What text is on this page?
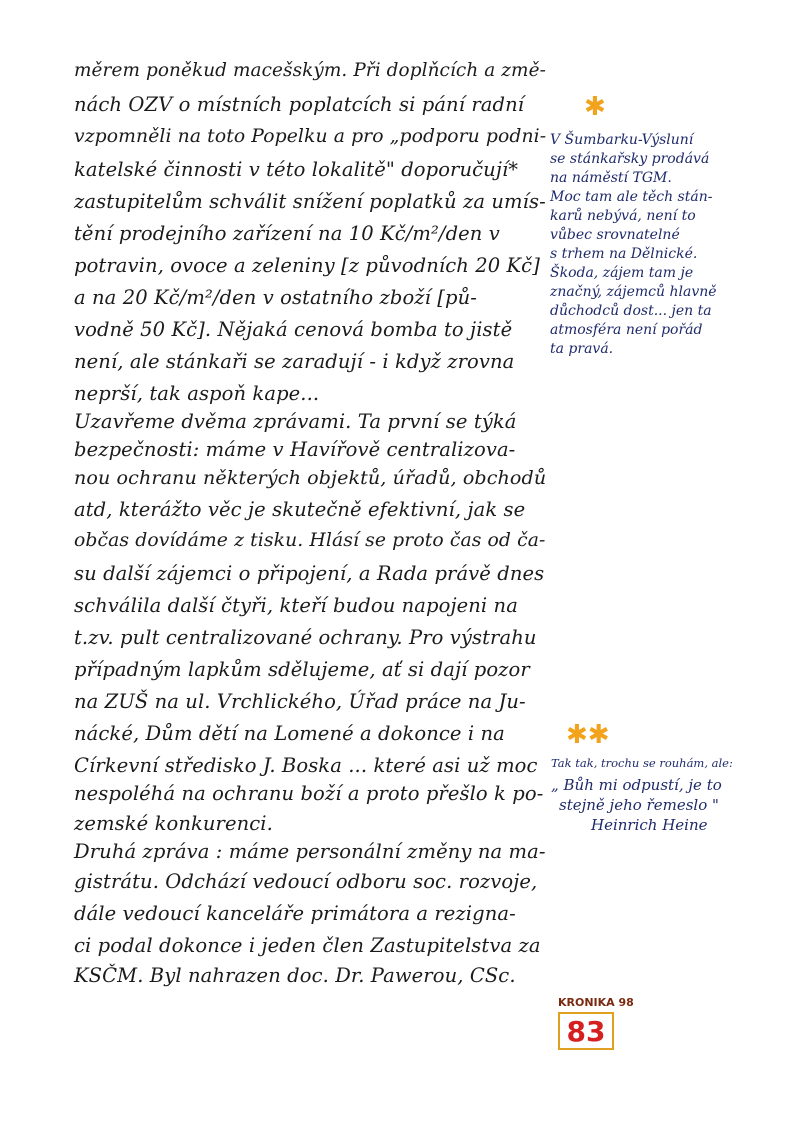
měrem poněkud macešským. Při doplňcích a změ-
nách OZV o místních poplatcích si pání radní
vzpomněli na toto Popelku a pro „podporu podni-
katelské činnosti v této lokalitě" doporučují*
zastupitelům schválit snížení poplatků za umís-
tění prodejního zařízení na 10 Kč/m²/den v
potravin, ovoce a zeleniny [z původních 20 Kč]
a na 20 Kč/m²/den v ostatního zboží [pů-
vodně 50 Kč]. Nějaká cenová bomba to jistě
není, ale stánkaři se zaradují - i když zrovna
neprší, tak aspoň kape...
Uzavřeme dvěma zprávami. Ta první se týká
bezpečnosti: máme v Havířově centralizova-
nou ochranu některých objektů, úřadů, obchodů
atd, kterážto věc je skutečně efektivní, jak se
občas dovídáme z tisku. Hlásí se proto čas od ča-
su další zájemci o připojení, a Rada právě dnes
schválila další čtyři, kteří budou napojeni na
t.zv. pult centralizované ochrany. Pro výstrahu
případným lapkům sdělujeme, ať si dají pozor
na ZUŠ na ul. Vrchlického, Úřad práce na Ju-
nácké, Dům dětí na Lomené a dokonce i na
Církevní středisko J. Boska ... které asi už moc
nespoléhá na ochranu boží a proto přešlo k po-
zemské konkurenci.
Druhá zpráva : máme personální změny na ma-
gistrátu. Odchází vedoucí odboru soc. rozvoje,
dále vedoucí kanceláře primátora a rezigna-
ci podal dokonce i jeden člen Zastupitelstva za
KSČM. Byl nahrazen doc. Dr. Pawerou, CSc.
✱
V Šumbarku-Výsluní
se stánkařsky prodává
na náměstí TGM.
Moc tam ale těch stán-
karů nebývá, není to
vůbec srovnatelné
s trhem na Dělnické.
Škoda, zájem tam je
značný, zájemců hlavně
důchodců dost... jen ta
atmosféra není pořád
ta pravá.
✱✱
Tak tak, trochu se rouhám, ale:
„ Bůh mi odpustí, je to
stejně jeho řemeslo "
Heinrich Heine
KRONIKA 98
83
